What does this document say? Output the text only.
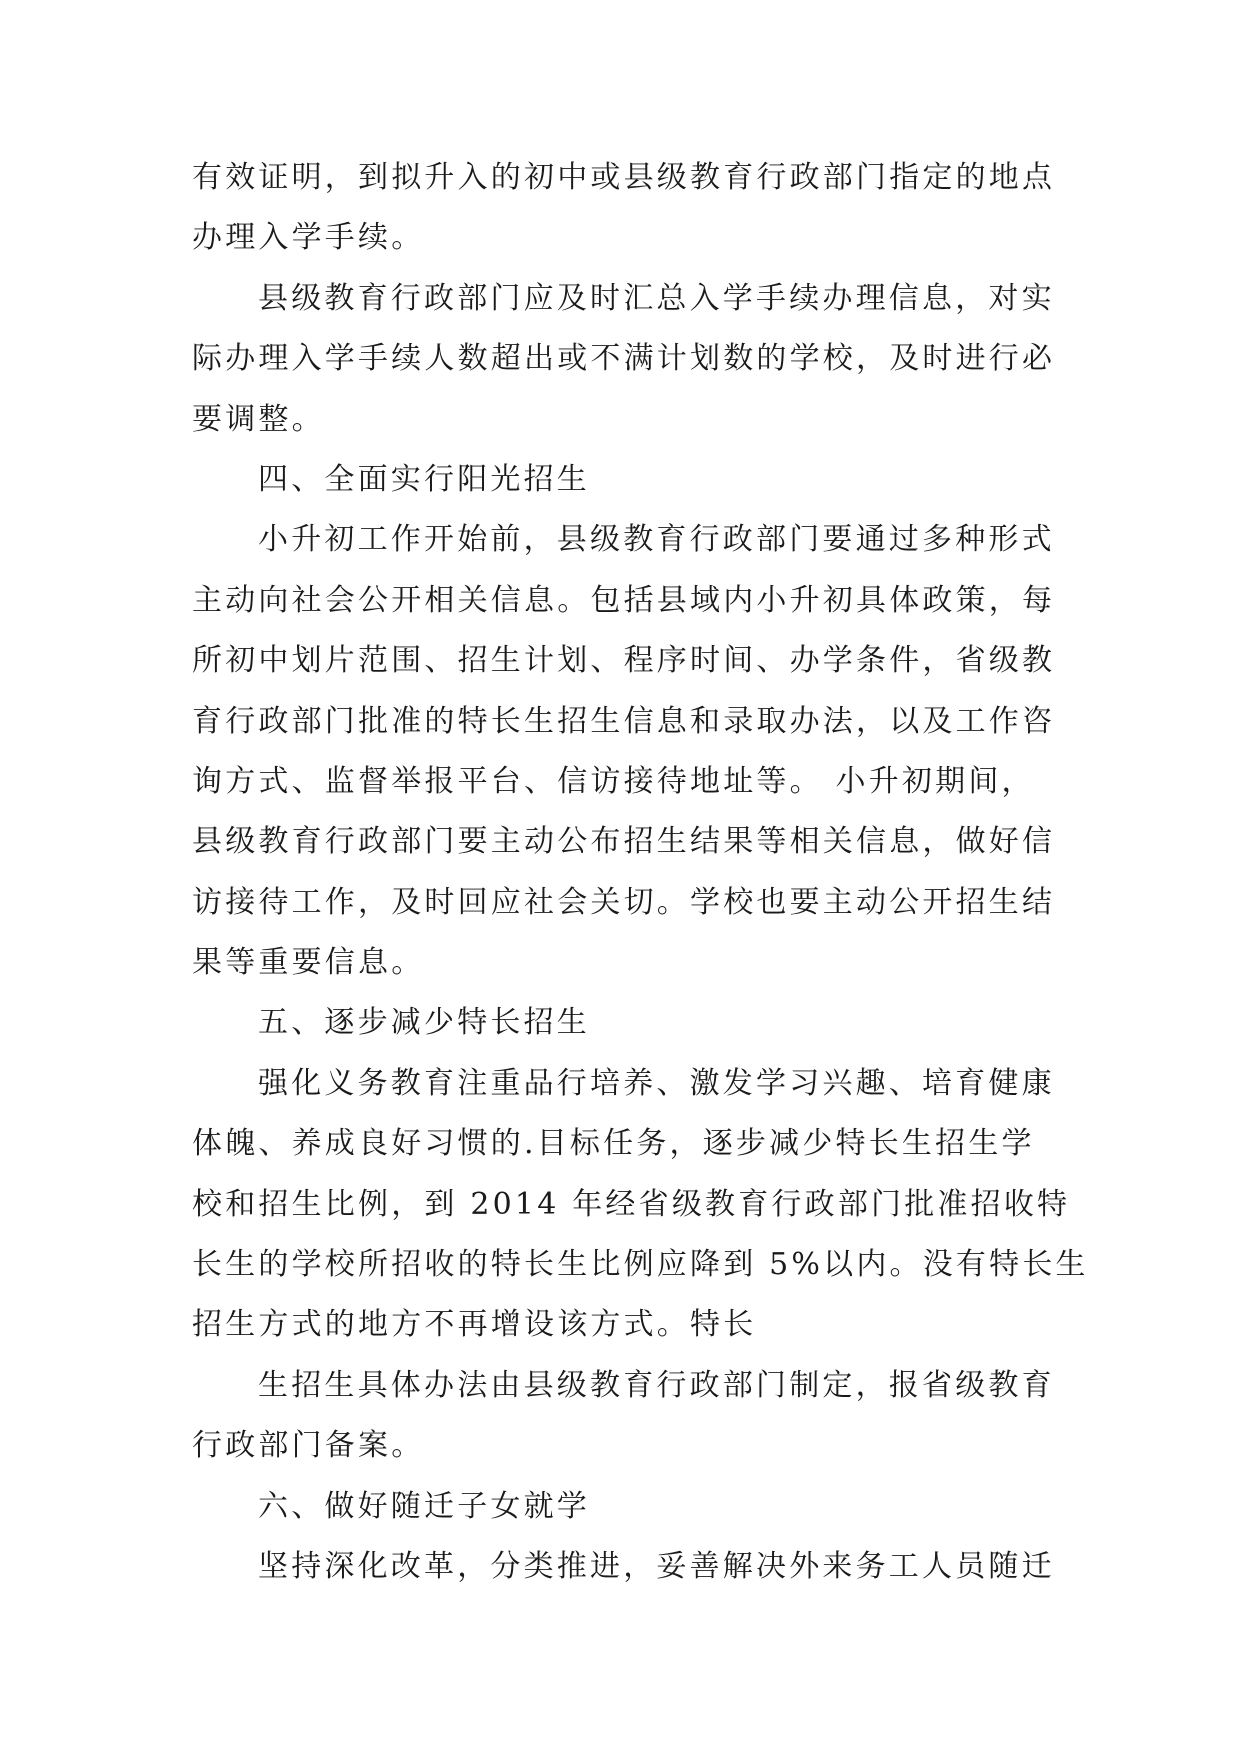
有效证明，到拟升入的初中或县级教育行政部门指定的地点
办理入学手续。
县级教育行政部门应及时汇总入学手续办理信息，对实
际办理入学手续人数超出或不满计划数的学校，及时进行必
要调整。
四、全面实行阳光招生
小升初工作开始前，县级教育行政部门要通过多种形式
主动向社会公开相关信息。包括县域内小升初具体政策，每
所初中划片范围、招生计划、程序时间、办学条件，省级教
育行政部门批准的特长生招生信息和录取办法，以及工作咨
询方式、监督举报平台、信访接待地址等。 小升初期间，
县级教育行政部门要主动公布招生结果等相关信息，做好信
访接待工作，及时回应社会关切。学校也要主动公开招生结
果等重要信息。
五、逐步减少特长招生
强化义务教育注重品行培养、激发学习兴趣、培育健康
体魄、养成良好习惯的.目标任务，逐步减少特长生招生学
校和招生比例，到 2014 年经省级教育行政部门批准招收特
长生的学校所招收的特长生比例应降到 5%以内。没有特长生
招生方式的地方不再增设该方式。特长
生招生具体办法由县级教育行政部门制定，报省级教育
行政部门备案。
六、做好随迁子女就学
坚持深化改革，分类推进，妥善解决外来务工人员随迁
